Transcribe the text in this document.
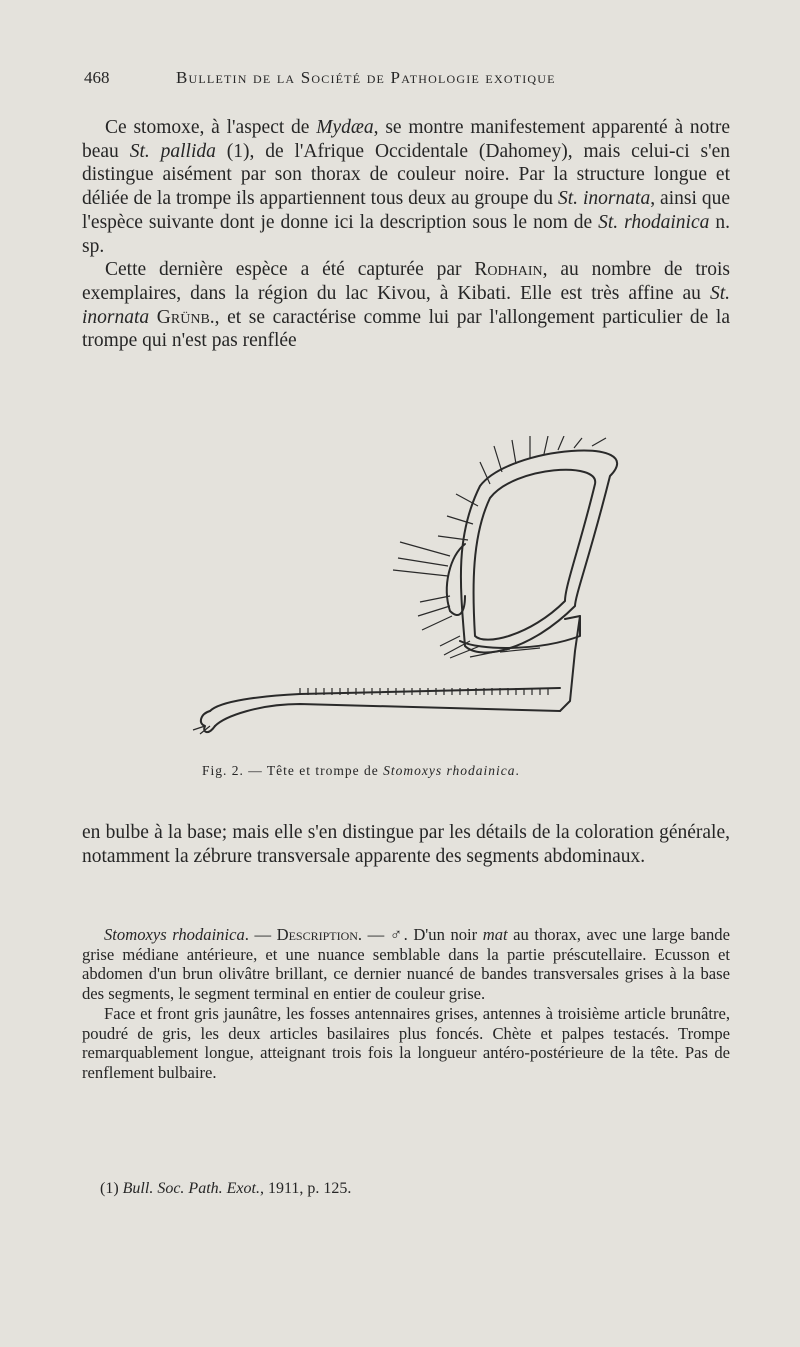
468	Bulletin de la Société de Pathologie exotique

Ce stomoxe, à l'aspect de Mydæa, se montre manifestement apparenté à notre beau St. pallida (1), de l'Afrique Occidentale (Dahomey), mais celui-ci s'en distingue aisément par son thorax de couleur noire. Par la structure longue et déliée de la trompe ils appartiennent tous deux au groupe du St. inornata, ainsi que l'espèce suivante dont je donne ici la description sous le nom de St. rhodainica n. sp.

Cette dernière espèce a été capturée par Rodhain, au nombre de trois exemplaires, dans la région du lac Kivou, à Kibati. Elle est très affine au St. inornata Grünb., et se caractérise comme lui par l'allongement particulier de la trompe qui n'est pas renflée

Fig. 2. — Tête et trompe de Stomoxys rhodainica.

en bulbe à la base; mais elle s'en distingue par les détails de la coloration générale, notamment la zébrure transversale apparente des segments abdominaux.

Stomoxys rhodainica. — Description. — ♂. D'un noir mat au thorax, avec une large bande grise médiane antérieure, et une nuance semblable dans la partie préscutellaire. Ecusson et abdomen d'un brun olivâtre brillant, ce dernier nuancé de bandes transversales grises à la base des segments, le segment terminal en entier de couleur grise.

Face et front gris jaunâtre, les fosses antennaires grises, antennes à troisième article brunâtre, poudré de gris, les deux articles basilaires plus foncés. Chète et palpes testacés. Trompe remarquablement longue, atteignant trois fois la longueur antéro-postérieure de la tête. Pas de renflement bulbaire.

(1) Bull. Soc. Path. Exot., 1911, p. 125.
